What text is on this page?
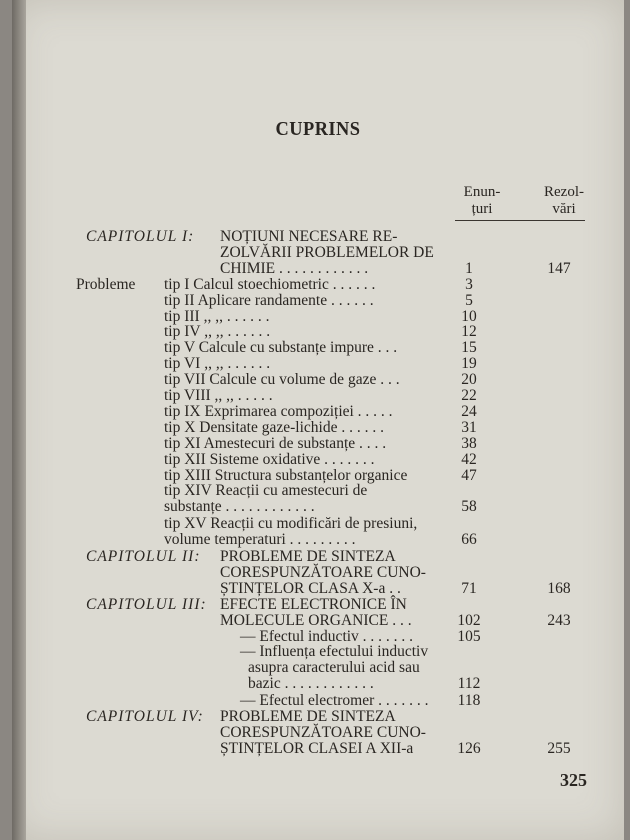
CUPRINS
Enun-
țuri
Rezol-
vări
CAPITOLUL I: NOȚIUNI NECESARE RE-
ZOLVĂRII PROBLEMELOR DE
CHIMIE . . . . . . . . . . . .	1	147
Probleme tip I Calcul stoechiometric . . . . . .	3
tip II Aplicare randamente . . . . . .	5
tip III ,, ,, . . . . . .	10
tip IV ,, ,, . . . . . .	12
tip V Calcule cu substanțe impure . . .	15
tip VI ,, ,, . . . . . .	19
tip VII Calcule cu volume de gaze . . .	20
tip VIII ,, ,, . . . . .	22
tip IX Exprimarea compoziției . . . . .	24
tip X Densitate gaze-lichide . . . . . .	31
tip XI Amestecuri de substanțe . . . .	38
tip XII Sisteme oxidative . . . . . . .	42
tip XIII Structura substanțelor organice	47
tip XIV Reacții cu amestecuri de
substanțe . . . . . . . . . . . .	58
tip XV Reacții cu modificări de presiuni,
volume temperaturi . . . . . . . . .	66
CAPITOLUL II: PROBLEME DE SINTEZA
CORESPUNZĂTOARE CUNO-
ȘTINȚELOR CLASA X-a . .	71	168
CAPITOLUL III: EFECTE ELECTRONICE ÎN
MOLECULE ORGANICE . . .	102	243
— Efectul inductiv . . . . . . .	105
— Influența efectului inductiv
asupra caracterului acid sau
bazic . . . . . . . . . . . .	112
— Efectul electromer . . . . . . .	118
CAPITOLUL IV: PROBLEME DE SINTEZA
CORESPUNZĂTOARE CUNO-
ȘTINȚELOR CLASEI A XII-a	126	255
325
